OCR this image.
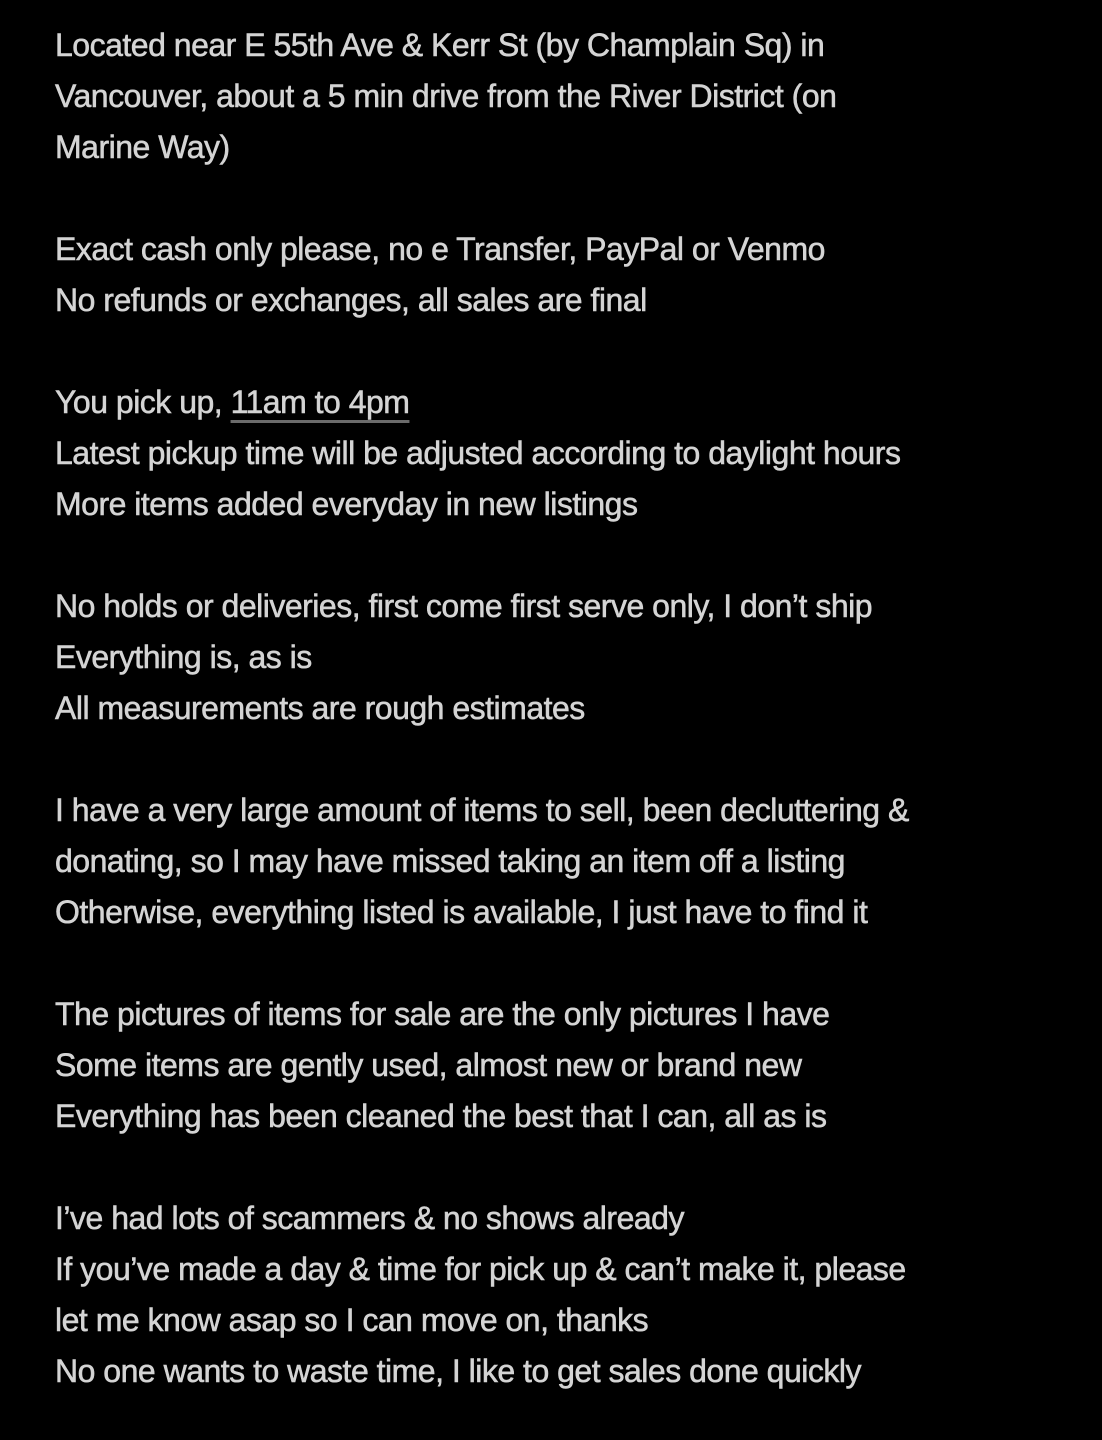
Located near E 55th Ave & Kerr St (by Champlain Sq) in
Vancouver, about a 5 min drive from the River District (on
Marine Way)
Exact cash only please, no e Transfer, PayPal or Venmo
No refunds or exchanges, all sales are final
You pick up, 11am to 4pm
Latest pickup time will be adjusted according to daylight hours
More items added everyday in new listings
No holds or deliveries, first come first serve only, I don’t ship
Everything is, as is
All measurements are rough estimates
I have a very large amount of items to sell, been decluttering &
donating, so I may have missed taking an item off a listing
Otherwise, everything listed is available, I just have to find it
The pictures of items for sale are the only pictures I have
Some items are gently used, almost new or brand new
Everything has been cleaned the best that I can, all as is
I’ve had lots of scammers & no shows already
If you’ve made a day & time for pick up & can’t make it, please
let me know asap so I can move on, thanks
No one wants to waste time, I like to get sales done quickly
